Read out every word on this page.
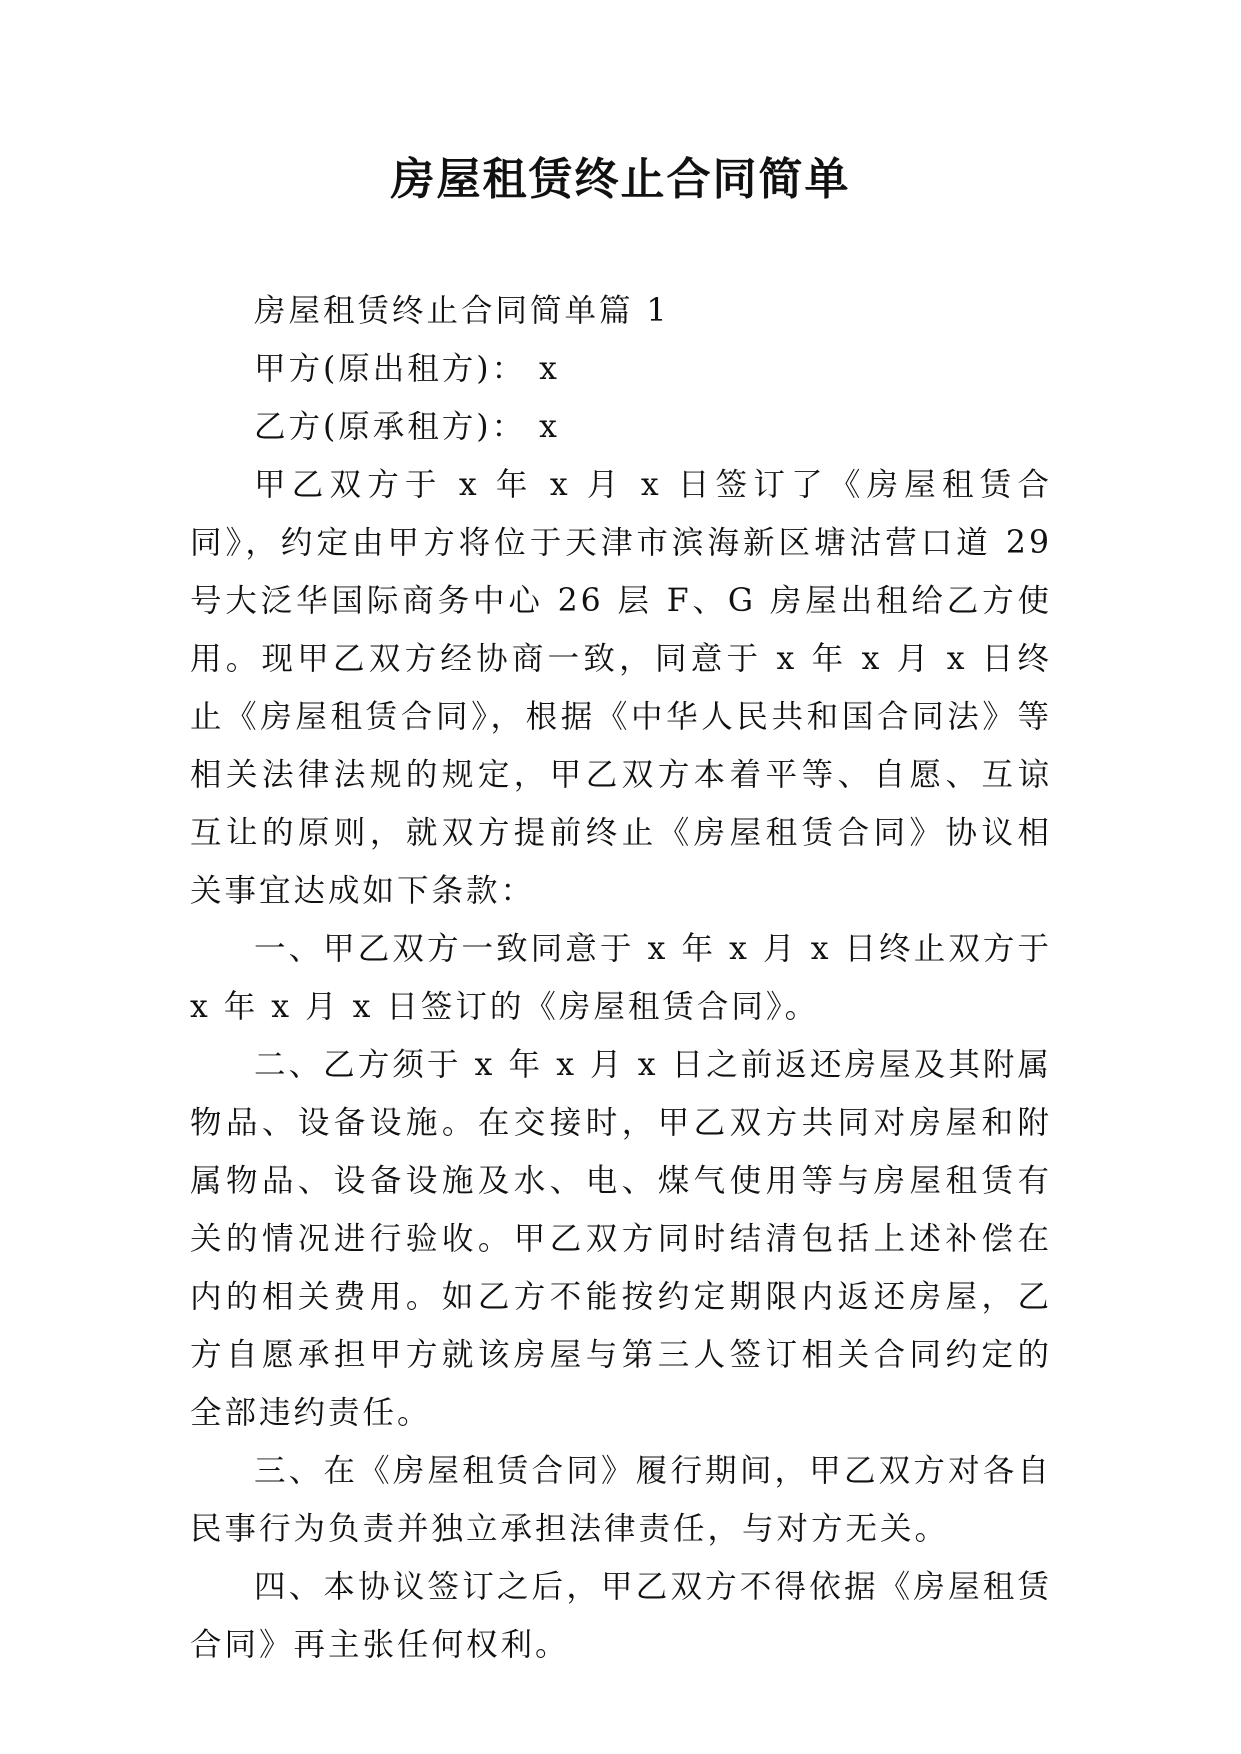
房屋租赁终止合同简单

房屋租赁终止合同简单篇 1

甲方(原出租方)： x

乙方(原承租方)： x

甲乙双方于 x 年 x 月 x 日签订了《房屋租赁合同》，约定由甲方将位于天津市滨海新区塘沽营口道 29 号大泛华国际商务中心 26 层 F、G 房屋出租给乙方使用。现甲乙双方经协商一致，同意于 x 年 x 月 x 日终止《房屋租赁合同》，根据《中华人民共和国合同法》等相关法律法规的规定，甲乙双方本着平等、自愿、互谅互让的原则，就双方提前终止《房屋租赁合同》协议相关事宜达成如下条款：

一、甲乙双方一致同意于 x 年 x 月 x 日终止双方于 x 年 x 月 x 日签订的《房屋租赁合同》。

二、乙方须于 x 年 x 月 x 日之前返还房屋及其附属物品、设备设施。在交接时，甲乙双方共同对房屋和附属物品、设备设施及水、电、煤气使用等与房屋租赁有关的情况进行验收。甲乙双方同时结清包括上述补偿在内的相关费用。如乙方不能按约定期限内返还房屋，乙方自愿承担甲方就该房屋与第三人签订相关合同约定的全部违约责任。

三、在《房屋租赁合同》履行期间，甲乙双方对各自民事行为负责并独立承担法律责任，与对方无关。

四、本协议签订之后，甲乙双方不得依据《房屋租赁合同》再主张任何权利。
